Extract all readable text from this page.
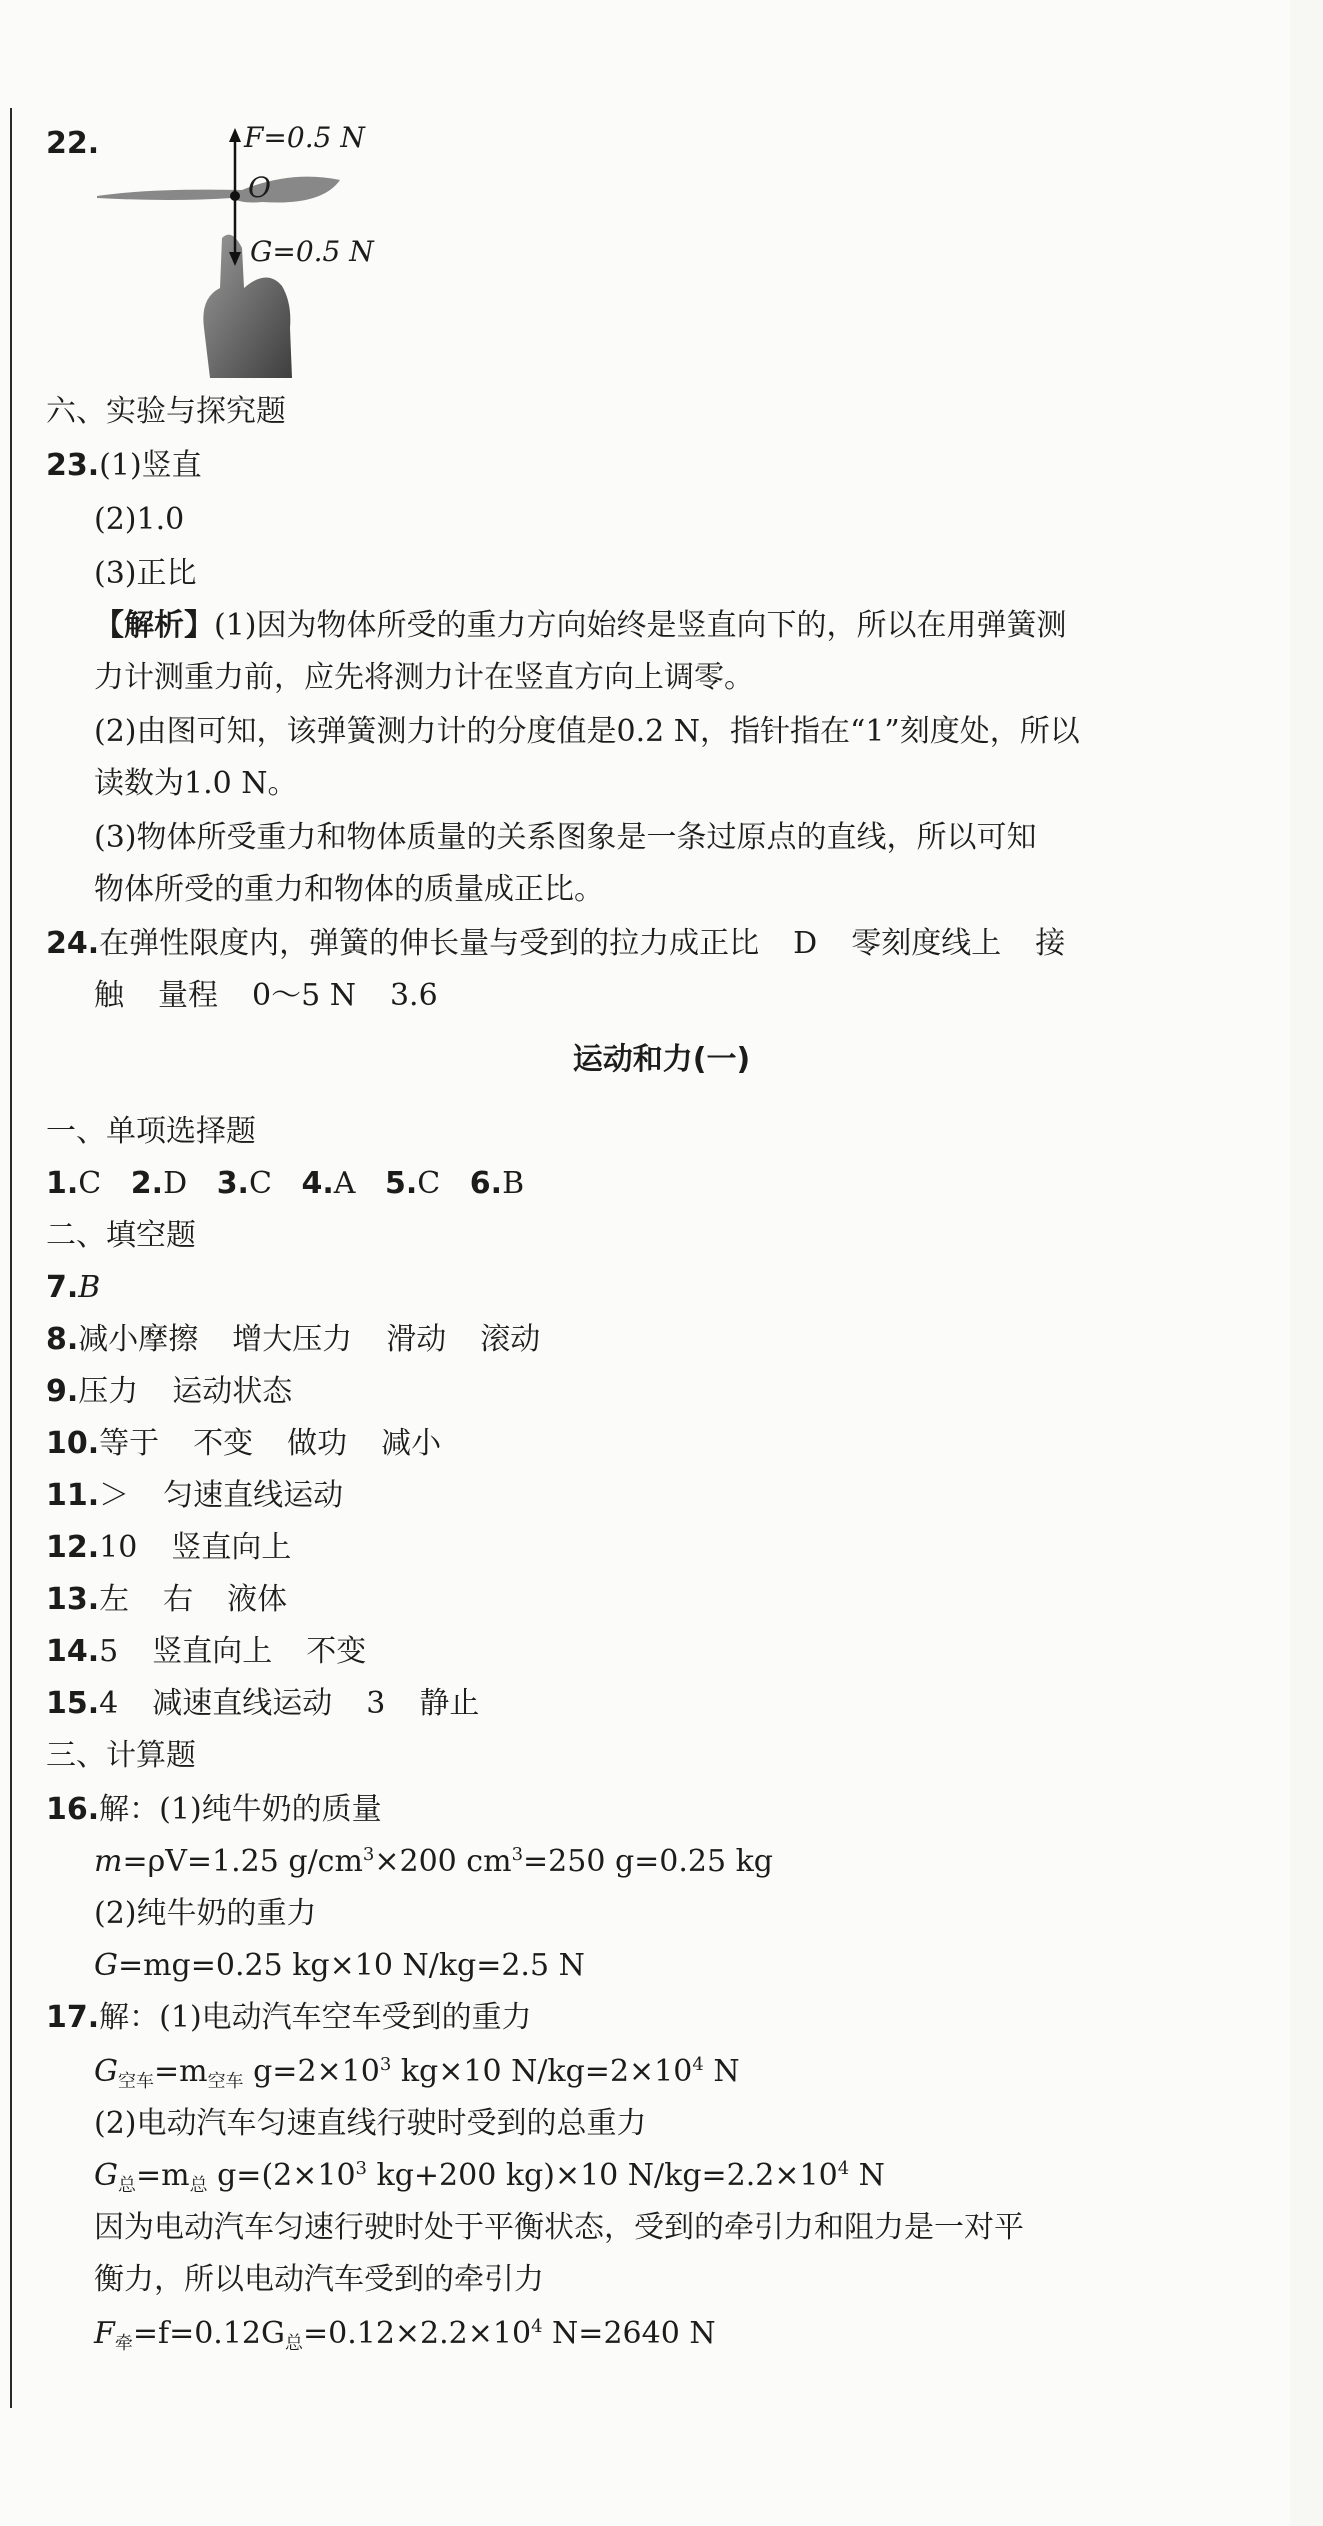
22.	F=0.5 N
O
G=0.5 N
六、实验与探究题
23.(1)竖直
(2)1.0
(3)正比
【解析】(1)因为物体所受的重力方向始终是竖直向下的，所以在用弹簧测
力计测重力前，应先将测力计在竖直方向上调零。
(2)由图可知，该弹簧测力计的分度值是0.2 N，指针指在“1”刻度处，所以
读数为1.0 N。
(3)物体所受重力和物体质量的关系图象是一条过原点的直线，所以可知
物体所受的重力和物体的质量成正比。
24.在弹性限度内，弹簧的伸长量与受到的拉力成正比 D 零刻度线上 接
触 量程 0～5 N 3.6
运动和力(一)
一、单项选择题
1.C 2.D 3.C 4.A 5.C 6.B
二、填空题
7.B
8.减小摩擦 增大压力 滑动 滚动
9.压力 运动状态
10.等于 不变 做功 减小
11.＞ 匀速直线运动
12.10 竖直向上
13.左 右 液体
14.5 竖直向上 不变
15.4 减速直线运动 3 静止
三、计算题
16.解：(1)纯牛奶的质量
m=ρV=1.25 $g/cm^3\times 200$ $cm^3=250$ g=0.25 kg
(2)纯牛奶的重力
G=mg=0.25 kg×10 N/kg=2.5 N
17.解：(1)电动汽车空车受到的重力
$G_{空车}=m_{空车}$ $g=2\times 10^3$ kg×10 $N/kg=2\times 10^4$ N
(2)电动汽车匀速直线行驶时受到的总重力
$G_总=m_总$ $g=(2\times 10^3$ kg+200 kg)×10 $N/kg=2.2\times 10^4$ N
因为电动汽车匀速行驶时处于平衡状态，受到的牵引力和阻力是一对平
衡力，所以电动汽车受到的牵引力
$F_牵=f=0.12G_总=0.12\times 2.2\times 10^4$ N=2640 N
